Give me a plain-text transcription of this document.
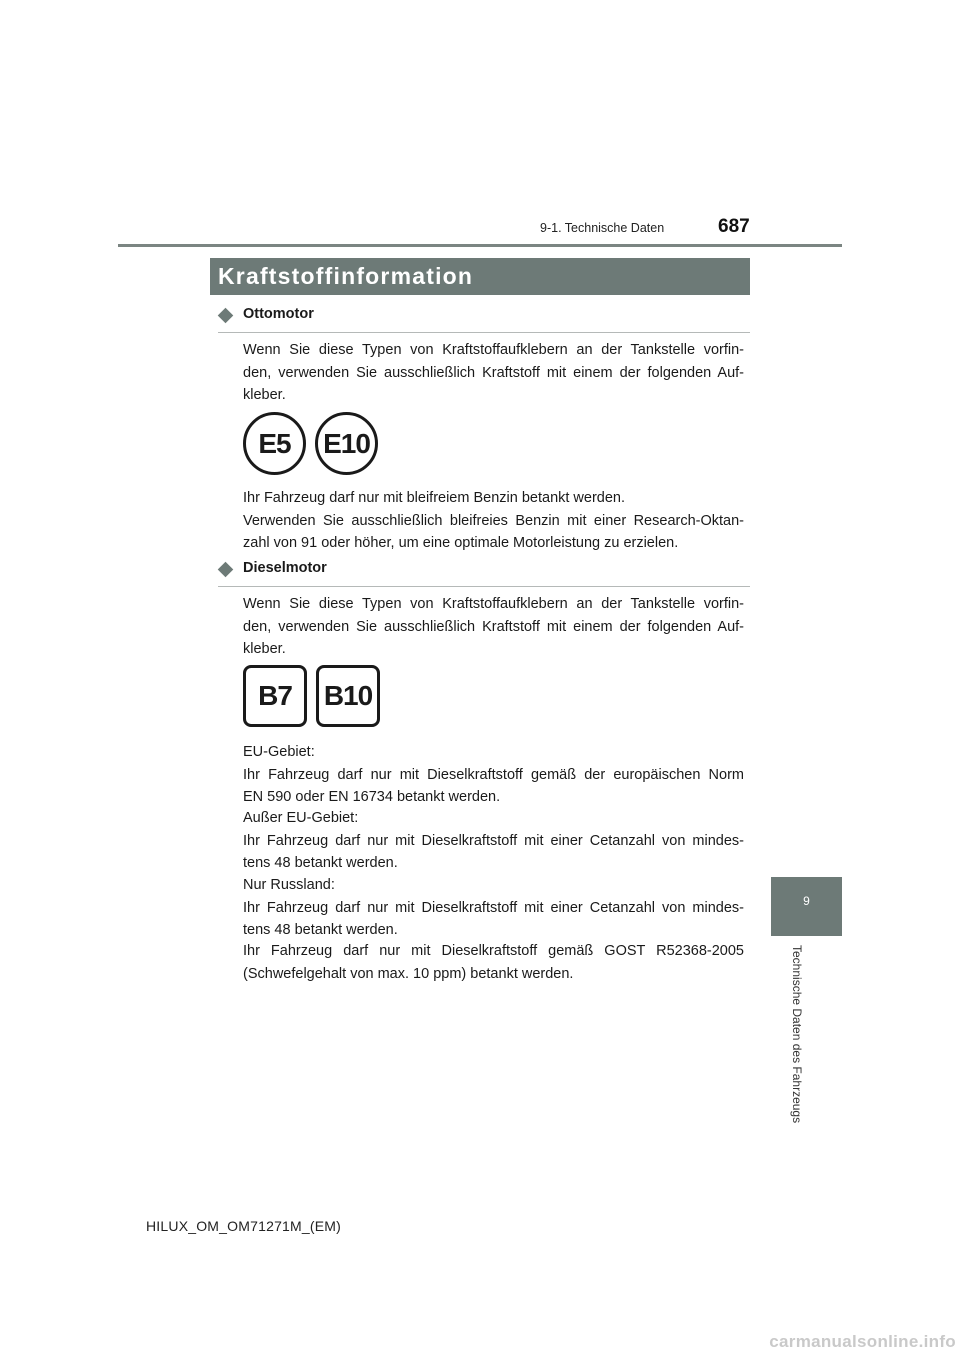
9-1. Technische Daten	687
Kraftstoffinformation
Ottomotor
Wenn Sie diese Typen von Kraftstoffaufklebern an der Tankstelle vorfin-
den, verwenden Sie ausschließlich Kraftstoff mit einem der folgenden Auf-
kleber.
E5	E10
Ihr Fahrzeug darf nur mit bleifreiem Benzin betankt werden.
Verwenden Sie ausschließlich bleifreies Benzin mit einer Research-Oktan-
zahl von 91 oder höher, um eine optimale Motorleistung zu erzielen.
Dieselmotor
Wenn Sie diese Typen von Kraftstoffaufklebern an der Tankstelle vorfin-
den, verwenden Sie ausschließlich Kraftstoff mit einem der folgenden Auf-
kleber.
B7	B10
EU-Gebiet:
Ihr Fahrzeug darf nur mit Dieselkraftstoff gemäß der europäischen Norm
EN 590 oder EN 16734 betankt werden.
Außer EU-Gebiet:
Ihr Fahrzeug darf nur mit Dieselkraftstoff mit einer Cetanzahl von mindes-
tens 48 betankt werden.
Nur Russland:
Ihr Fahrzeug darf nur mit Dieselkraftstoff mit einer Cetanzahl von mindes-
tens 48 betankt werden.
Ihr Fahrzeug darf nur mit Dieselkraftstoff gemäß GOST R52368-2005
(Schwefelgehalt von max. 10 ppm) betankt werden.
9
Technische Daten des Fahrzeugs
HILUX_OM_OM71271M_(EM)
carmanualsonline.info
